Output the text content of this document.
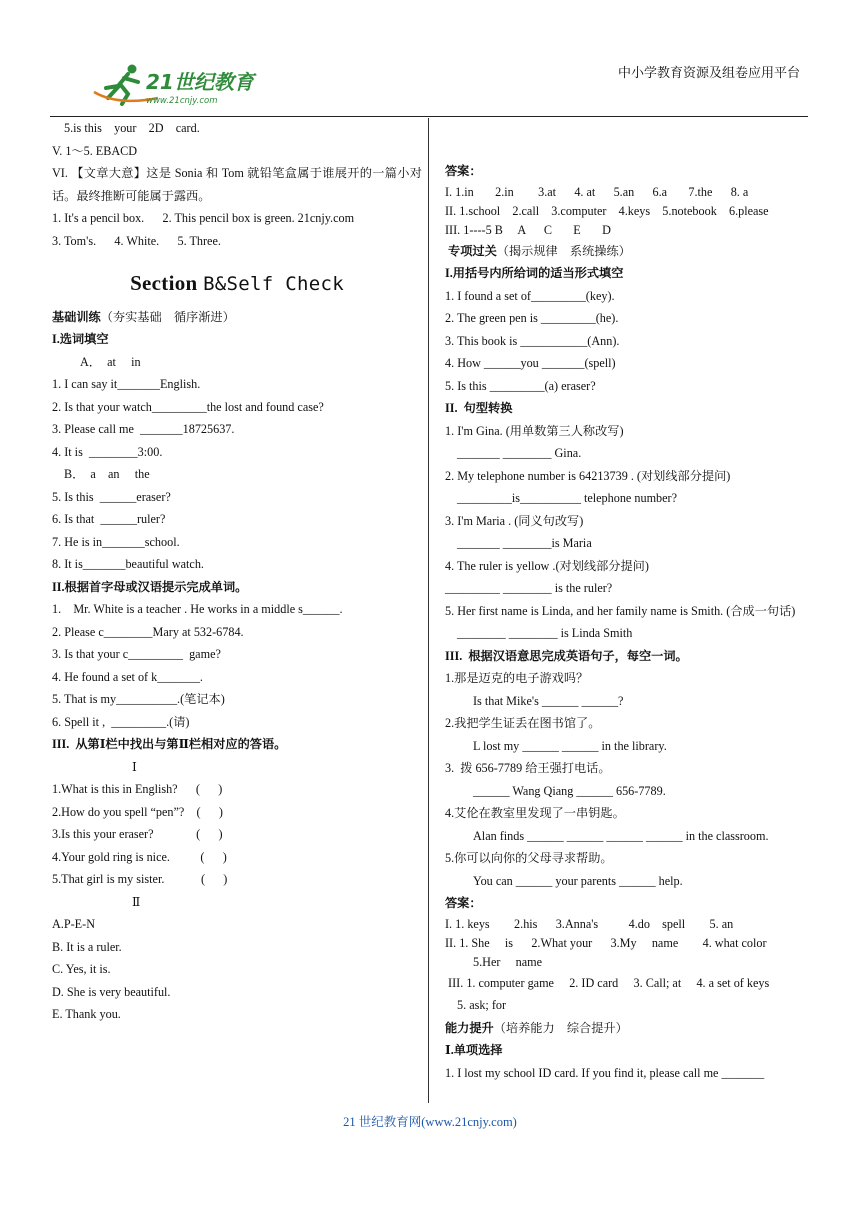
21世纪教育
www.21cnjy.com
中小学教育资源及组卷应用平台
5.is this    your    2D    card.
V. 1～5. EBACD
VI. 【文章大意】这是 Sonia 和 Tom 就铅笔盒属于谁展开的一篇小对话。最终推断可能属于露西。
1. It's a pencil box.      2. This pencil box is green. 21cnjy.com
3. Tom's.      4. White.      5. Three.
Section B&Self Check
基础训练（夯实基础    循序渐进）
I.选词填空
A．  at     in
1. I can say it_______English.
2. Is that your watch_________the lost and found case?
3. Please call me  _______18725637.
4. It is  ________3:00.
B．  a    an     the
5. Is this  ______eraser?
6. Is that  ______ruler?
7. He is in_______school.
8. It is_______beautiful watch.
II.根据首字母或汉语提示完成单词。
1.    Mr. White is a teacher . He works in a middle s______.
2. Please c________Mary at 532-6784.
3. Is that your c_________  game?
4. He found a set of k_______.
5. That is my__________.(笔记本)
6. Spell it ,  _________.(请)
III.  从第Ⅰ栏中找出与第Ⅱ栏相对应的答语。
Ⅰ
1.What is this in English?      (      )
2.How do you spell “pen”?    (      )
3.Is this your eraser?              (      )
4.Your gold ring is nice.          (      )
5.That girl is my sister.            (      )
Ⅱ
A.P-E-N
B. It is a ruler.
C. Yes, it is.
D. She is very beautiful.
E. Thank you.
答案：
I. 1.in       2.in        3.at      4. at      5.an      6.a       7.the      8. a
II. 1.school    2.call    3.computer    4.keys    5.notebook    6.please
III. 1----5 B     A      C       E       D
专项过关（揭示规律    系统操练）
I.用括号内所给词的适当形式填空
1. I found a set of_________(key).
2. The green pen is _________(he).
3. This book is ___________(Ann).
4. How ______you _______(spell)
5. Is this _________(a) eraser?
II.  句型转换
1. I'm Gina. (用单数第三人称改写)
_______ ________ Gina.
2. My telephone number is 64213739 . (对划线部分提问)
_________is__________ telephone number?
3. I'm Maria . (同义句改写)
_______ ________is Maria
4. The ruler is yellow .(对划线部分提问)
_________ ________ is the ruler?
5. Her first name is Linda, and her family name is Smith. (合成一句话)
________ ________ is Linda Smith
III.  根据汉语意思完成英语句子，每空一词。
1.那是迈克的电子游戏吗？
Is that Mike's ______ ______?
2.我把学生证丢在图书馆了。
L lost my ______ ______ in the library.
3.  拨 656-7789 给王强打电话。
______ Wang Qiang ______ 656-7789.
4.艾伦在教室里发现了一串钥匙。
Alan finds ______ ______ ______ ______ in the classroom.
5.你可以向你的父母寻求帮助。
You can ______ your parents ______ help.
答案：
I. 1. keys        2.his      3.Anna's          4.do    spell        5. an
II. 1. She     is      2.What your      3.My     name        4. what color
5.Her     name
III. 1. computer game     2. ID card     3. Call; at     4. a set of keys
5. ask; for
能力提升（培养能力    综合提升）
Ⅰ.单项选择
1. I lost my school ID card. If you find it, please call me _______
21 世纪教育网(www.21cnjy.com)
